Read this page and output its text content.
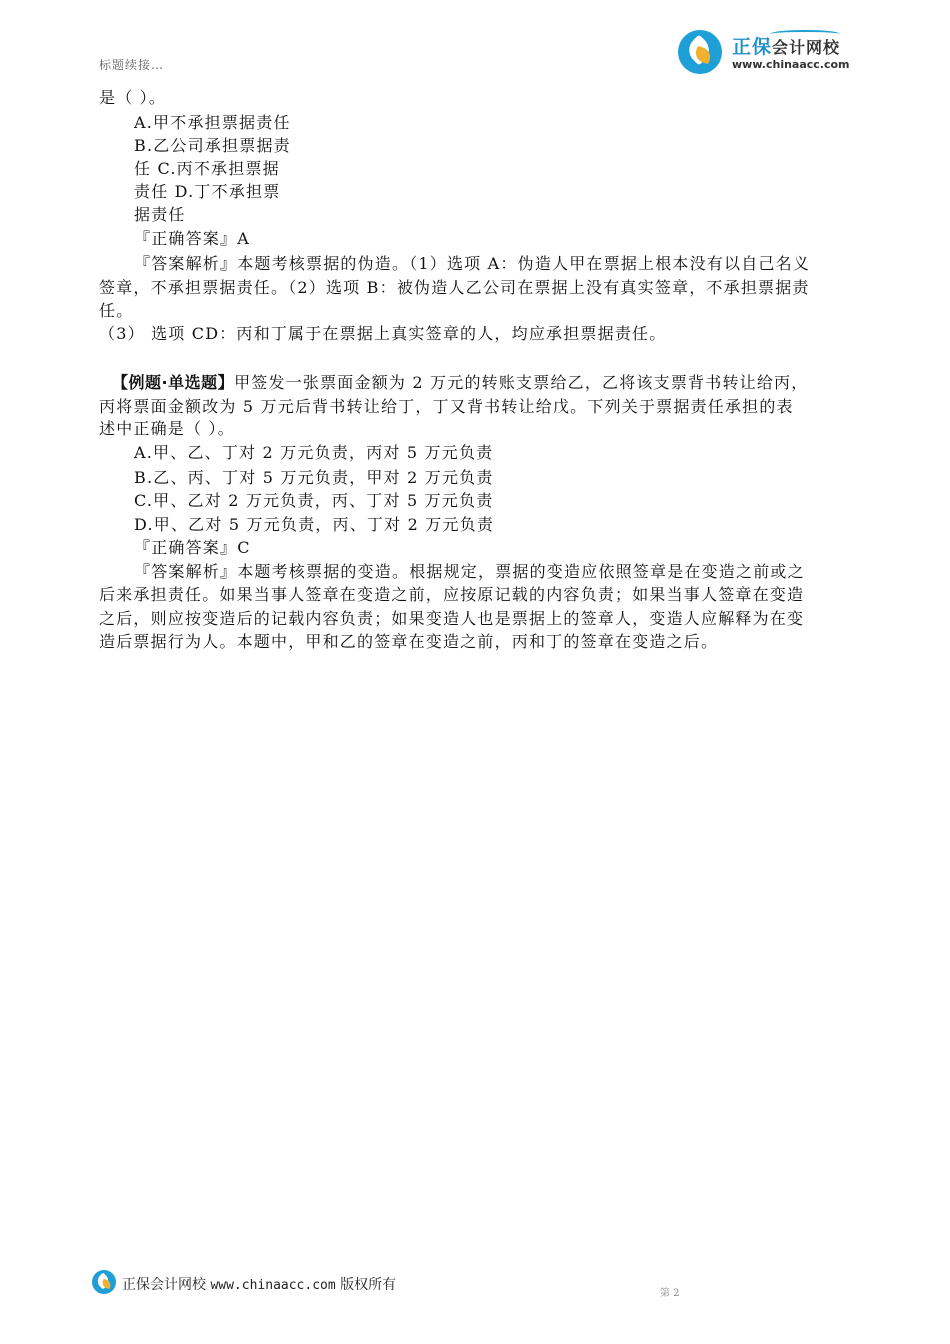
标题续接…
正保会计网校
www.chinaacc.com
是（ ）。
A.甲不承担票据责任
B.乙公司承担票据责
任 C.丙不承担票据
责任 D.丁不承担票
据责任
『正确答案』A
『答案解析』本题考核票据的伪造。（1）选项 A：伪造人甲在票据上根本没有以自己名义
签章，不承担票据责任。（2）选项 B：被伪造人乙公司在票据上没有真实签章，不承担票据责
任。
（3） 选项 CD：丙和丁属于在票据上真实签章的人，均应承担票据责任。
【例题·单选题】甲签发一张票面金额为 2 万元的转账支票给乙，乙将该支票背书转让给丙，
丙将票面金额改为 5 万元后背书转让给丁，丁又背书转让给戊。下列关于票据责任承担的表
述中正确是（ ）。
A.甲、乙、丁对 2 万元负责，丙对 5 万元负责
B.乙、丙、丁对 5 万元负责，甲对 2 万元负责
C.甲、乙对 2 万元负责，丙、丁对 5 万元负责
D.甲、乙对 5 万元负责，丙、丁对 2 万元负责
『正确答案』C
『答案解析』本题考核票据的变造。根据规定，票据的变造应依照签章是在变造之前或之
后来承担责任。如果当事人签章在变造之前，应按原记载的内容负责；如果当事人签章在变造
之后，则应按变造后的记载内容负责；如果变造人也是票据上的签章人，变造人应解释为在变
造后票据行为人。本题中，甲和乙的签章在变造之前，丙和丁的签章在变造之后。
正保会计网校 www.chinaacc.com 版权所有
第 2
